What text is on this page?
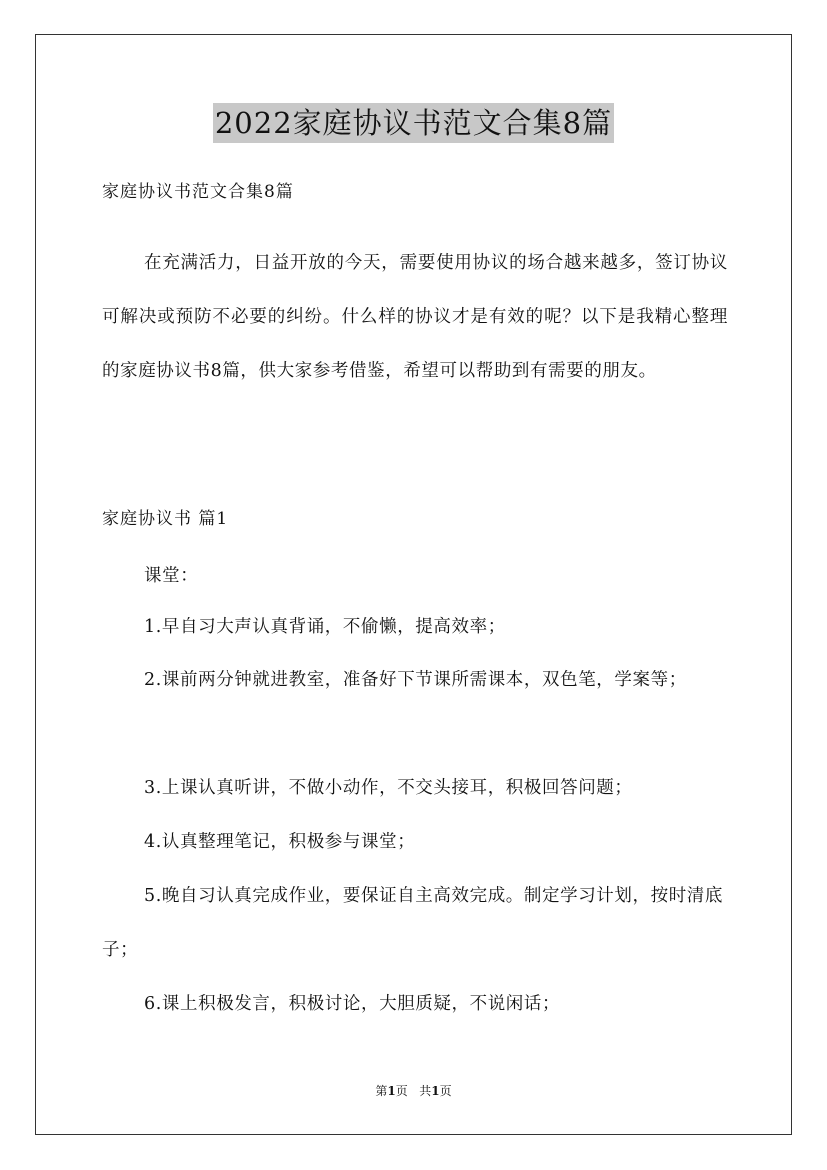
2022家庭协议书范文合集8篇
家庭协议书范文合集8篇
在充满活力，日益开放的今天，需要使用协议的场合越来越多，签订协议可解决或预防不必要的纠纷。什么样的协议才是有效的呢？以下是我精心整理的家庭协议书8篇，供大家参考借鉴，希望可以帮助到有需要的朋友。
家庭协议书 篇1
课堂：
1.早自习大声认真背诵，不偷懒，提高效率；
2.课前两分钟就进教室，准备好下节课所需课本，双色笔，学案等；
3.上课认真听讲，不做小动作，不交头接耳，积极回答问题；
4.认真整理笔记，积极参与课堂；
5.晚自习认真完成作业，要保证自主高效完成。制定学习计划，按时清底子；
6.课上积极发言，积极讨论，大胆质疑，不说闲话；
第1页 共1页
